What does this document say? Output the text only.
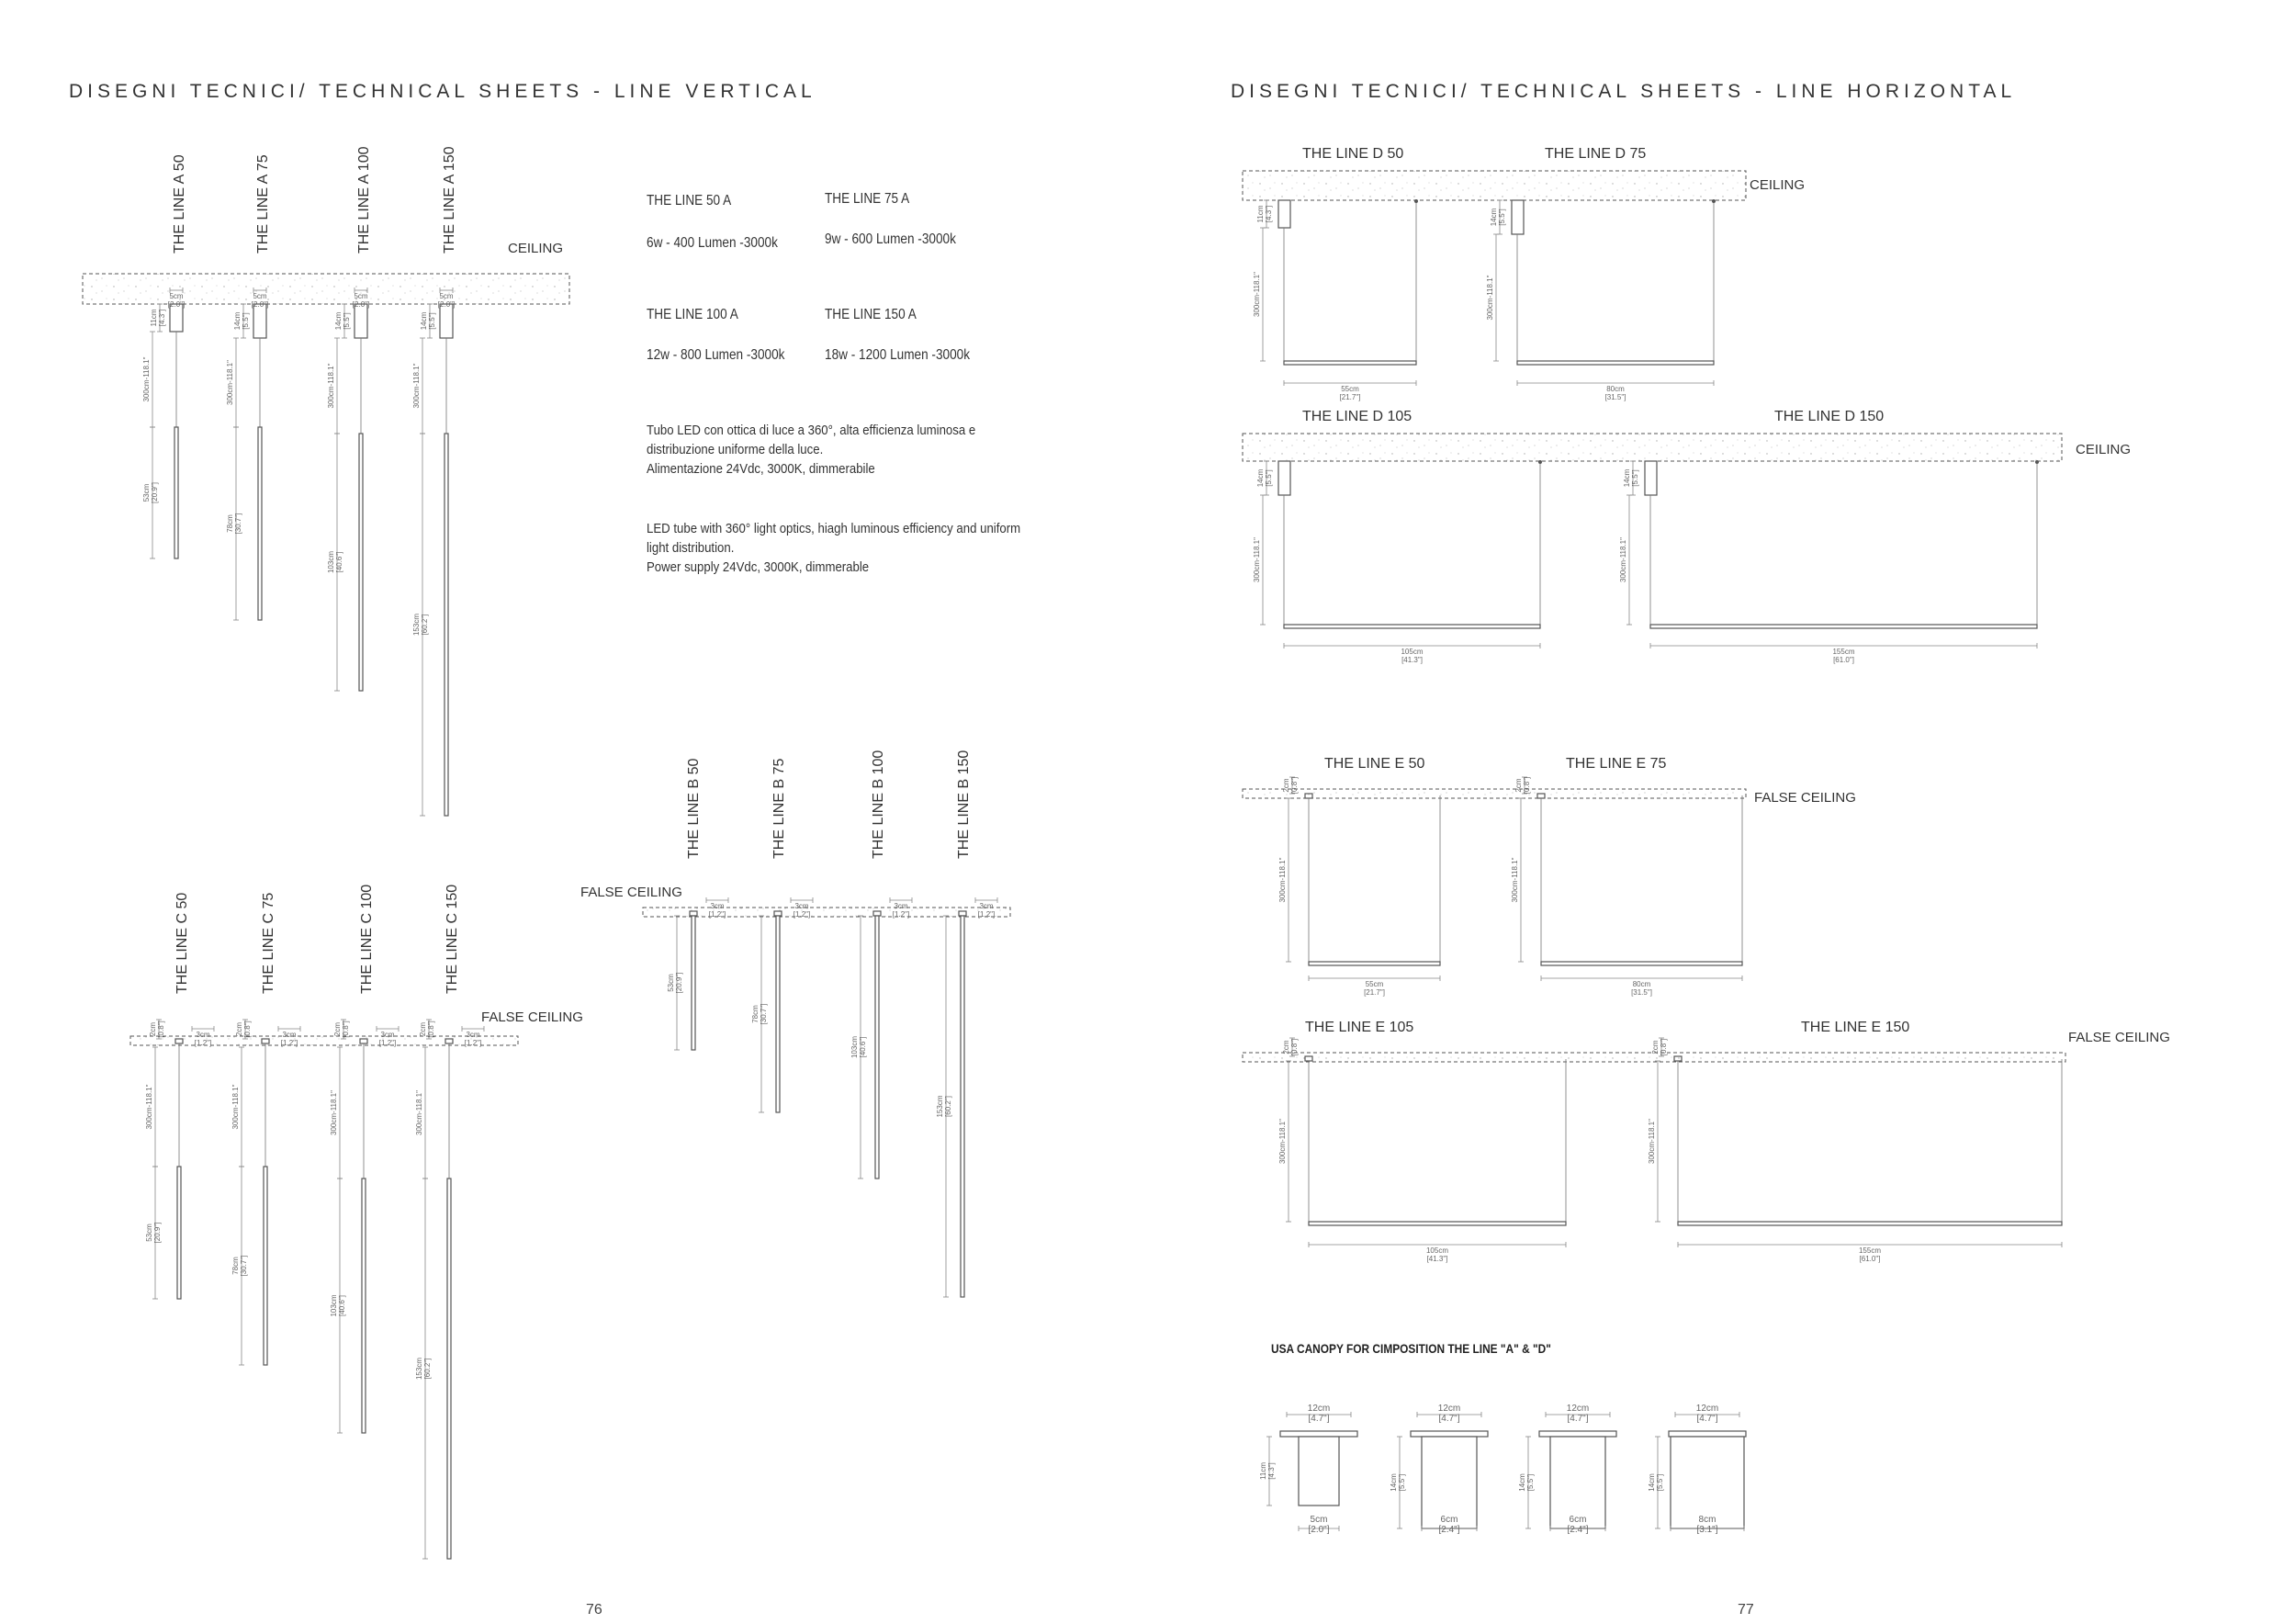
DISEGNI TECNICI/ TECHNICAL SHEETS - LINE VERTICAL	DISEGNI TECNICI/ TECHNICAL SHEETS - LINE HORIZONTAL
THE LINE 50 A
6w - 400 Lumen -3000k
THE LINE 75 A
9w - 600 Lumen -3000k
THE LINE 100 A
12w - 800 Lumen -3000k
THE LINE 150 A
18w - 1200 Lumen -3000k
Tubo LED con ottica di luce a 360°, alta efficienza luminosa e
distribuzione uniforme della luce.
Alimentazione 24Vdc, 3000K, dimmerabile
LED tube with 360° light optics, hiagh luminous efficiency and uniform
light distribution.
Power supply 24Vdc, 3000K, dimmerable
USA CANOPY FOR CIMPOSITION THE LINE "A" & "D"
76	77
CEILING
THE LINE A 50
5cm
[2.0"]
11cm [4.3"]
300cm-118.1"
53cm [20.9"]
THE LINE A 75
5cm
[2.0"]
14cm [5.5"]
300cm-118.1"
78cm [30.7"]
THE LINE A 100
5cm
[2.0"]
14cm [5.5"]
300cm-118.1"
103cm [40.6"]
THE LINE A 150
5cm
[2.0"]
14cm [5.5"]
300cm-118.1"
153cm [60.2"]
FALSE CEILING
THE LINE C 50
3cm
[1.2"]
2cm [0.8"]
300cm-118.1"
53cm [20.9"]
THE LINE C 75
3cm
[1.2"]
2cm [0.8"]
300cm-118.1"
78cm [30.7"]
THE LINE C 100
3cm
[1.2"]
2cm [0.8"]
300cm-118.1"
103cm [40.6"]
THE LINE C 150
3cm
[1.2"]
2cm [0.8"]
300cm-118.1"
153cm [60.2"]
FALSE CEILING
THE LINE B 50
3cm
[1.2"]
53cm [20.9"]
THE LINE B 75
3cm
[1.2"]
78cm [30.7"]
THE LINE B 100
3cm
[1.2"]
103cm [40.6"]
THE LINE B 150
3cm
[1.2"]
153cm [60.2"]
CEILING
THE LINE D 50
11cm [4.3"]
300cm-118.1"
55cm
[21.7"]
THE LINE D 75
14cm [5.5"]
300cm-118.1"
80cm
[31.5"]
CEILING
THE LINE D 105
14cm [5.5"]
300cm-118.1"
105cm
[41.3"]
THE LINE D 150
14cm [5.5"]
300cm-118.1"
155cm
[61.0"]
FALSE CEILING
THE LINE E 50
2cm [0.8"]
300cm-118.1"
55cm
[21.7"]
THE LINE E 75
2cm [0.8"]
300cm-118.1"
80cm
[31.5"]
FALSE CEILING
THE LINE E 105
2cm [0.8"]
300cm-118.1"
105cm
[41.3"]
THE LINE E 150
2cm [0.8"]
300cm-118.1"
155cm
[61.0"]
12cm
[4.7"]
11cm [4.3"]
5cm
[2.0"]
12cm
[4.7"]
14cm [5.5"]
6cm
[2.4"]
12cm
[4.7"]
14cm [5.5"]
6cm
[2.4"]
12cm
[4.7"]
14cm [5.5"]
8cm
[3.1"]
